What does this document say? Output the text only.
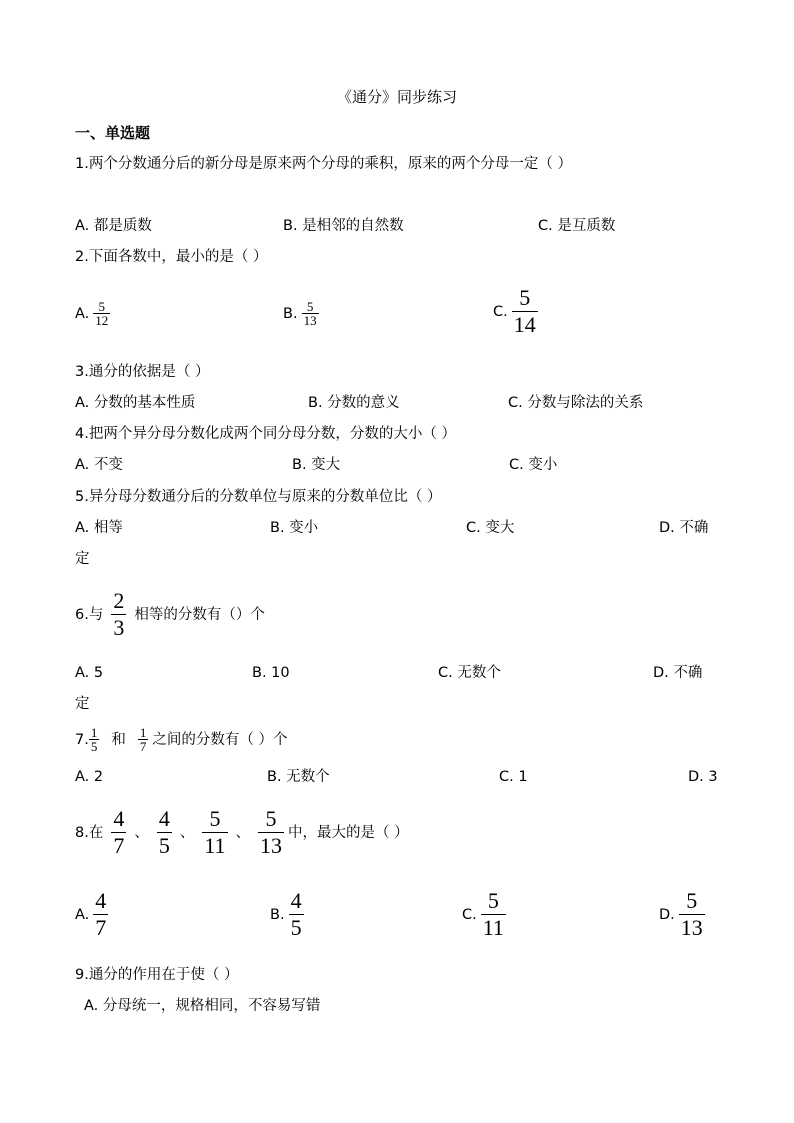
《通分》同步练习
一、单选题
1.两个分数通分后的新分母是原来两个分母的乘积，原来的两个分母一定（ ）
A. 都是质数	B. 是相邻的自然数	C. 是互质数
2.下面各数中，最小的是（ ）
A. $\frac{5}{12}$	B. $\frac{5}{13}$	C. $\frac{5}{14}$
3.通分的依据是（ ）
A. 分数的基本性质	B. 分数的意义	C. 分数与除法的关系
4.把两个异分母分数化成两个同分母分数，分数的大小（ ）
A. 不变	B. 变大	C. 变小
5.异分母分数通分后的分数单位与原来的分数单位比（ ）
A. 相等	B. 变小	C. 变大	D. 不确
定
6.与 $\frac{2}{3}$ 相等的分数有（）个
A. 5	B. 10	C. 无数个	D. 不确
定
7. $\frac{1}{5}$ 和 $\frac{1}{7}$ 之间的分数有（ ）个
A. 2	B. 无数个	C. 1	D. 3
8.在 $\frac{4}{7}$ 、 $\frac{4}{5}$ 、 $\frac{5}{11}$ 、 $\frac{5}{13}$ 中，最大的是（ ）
A. $\frac{4}{7}$	B. $\frac{4}{5}$	C. $\frac{5}{11}$	D. $\frac{5}{13}$
9.通分的作用在于使（ ）
A. 分母统一，规格相同，不容易写错
